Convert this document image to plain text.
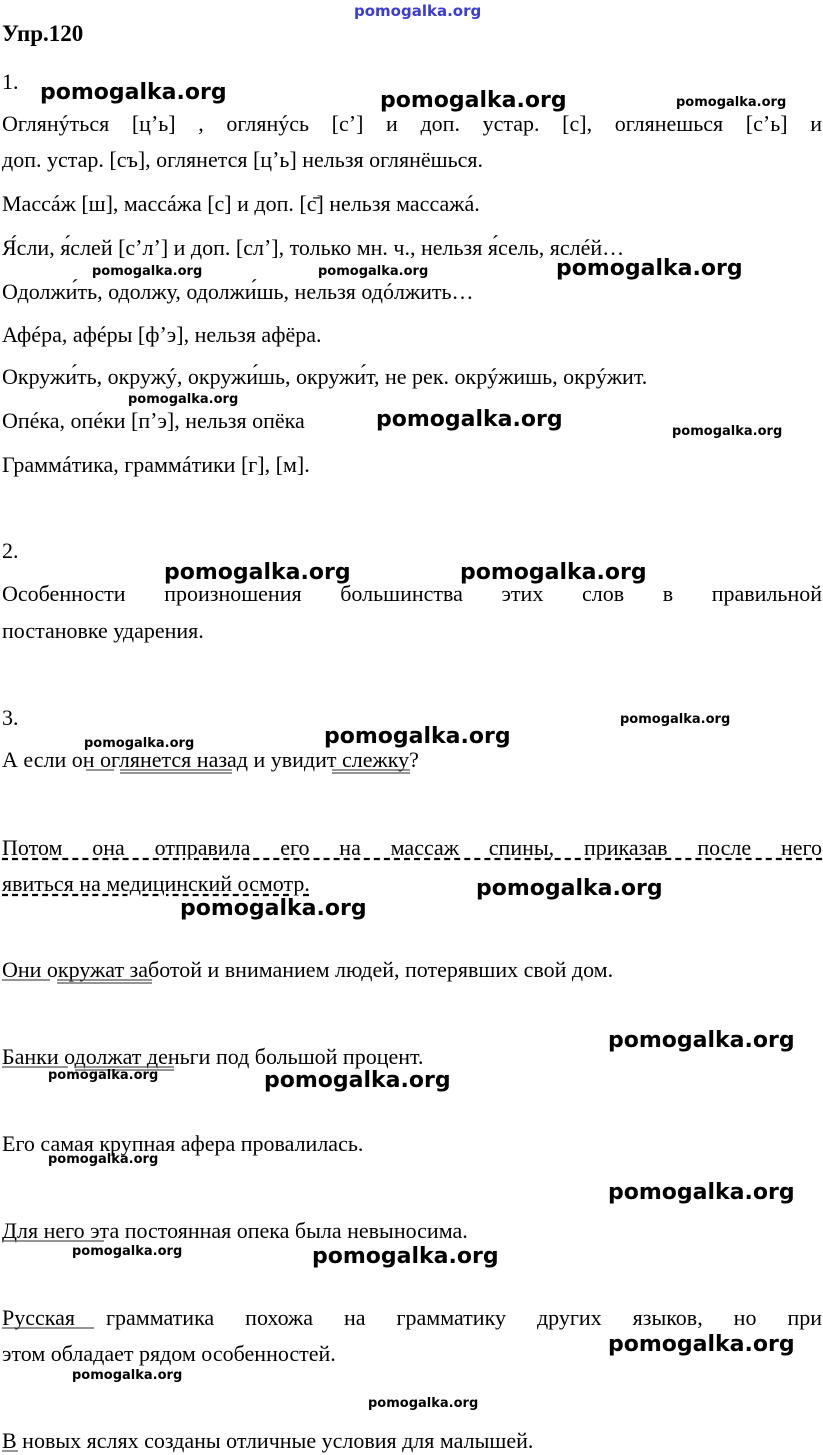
pomogalka.org
Упр.120
1.
Оглянýться [цʼь] , оглянýсь [сʼ] и доп. устар. [с], оглянешься [сʼь] и
доп. устар. [съ], оглянется [цʼь] нельзя оглянёшься.
Массáж [ш], массáжа [с] и доп. [с̄] нельзя массажá.
Я́сли, я́слей [сʼлʼ] и доп. [слʼ], только мн. ч., нельзя я́сель, яслéй…
Одолжи́ть, одолжу, одолжи́шь, нельзя одóлжить…
Афéра, афéры [фʼэ], нельзя афёра.
Окружи́ть, окружý, окружи́шь, окружи́т, не рек. окрýжишь, окрýжит.
Опéка, опéки [пʼэ], нельзя опёка
Граммáтика, граммáтики [г], [м].
2.
Особенности произношения большинства этих слов в правильной
постановке ударения.
3.
А если он оглянется назад и увидит слежку?
Потом она отправила его на массаж спины, приказав после него
явиться на медицинский осмотр.
Они окружат заботой и вниманием людей, потерявших свой дом.
Банки одолжат деньги под большой процент.
Его самая крупная афера провалилась.
Для него эта постоянная опека была невыносима.
Русская грамматика похожа на грамматику других языков, но при
этом обладает рядом особенностей.
В новых яслях созданы отличные условия для малышей.
pomogalka.org	pomogalka.org	pomogalka.org
pomogalka.org	pomogalka.org	pomogalka.org
pomogalka.org
pomogalka.org	pomogalka.org
pomogalka.org	pomogalka.org
pomogalka.org
pomogalka.org	pomogalka.org
pomogalka.org
pomogalka.org
pomogalka.org
pomogalka.org	pomogalka.org
pomogalka.org
pomogalka.org
pomogalka.org	pomogalka.org
pomogalka.org
pomogalka.org
pomogalka.org
